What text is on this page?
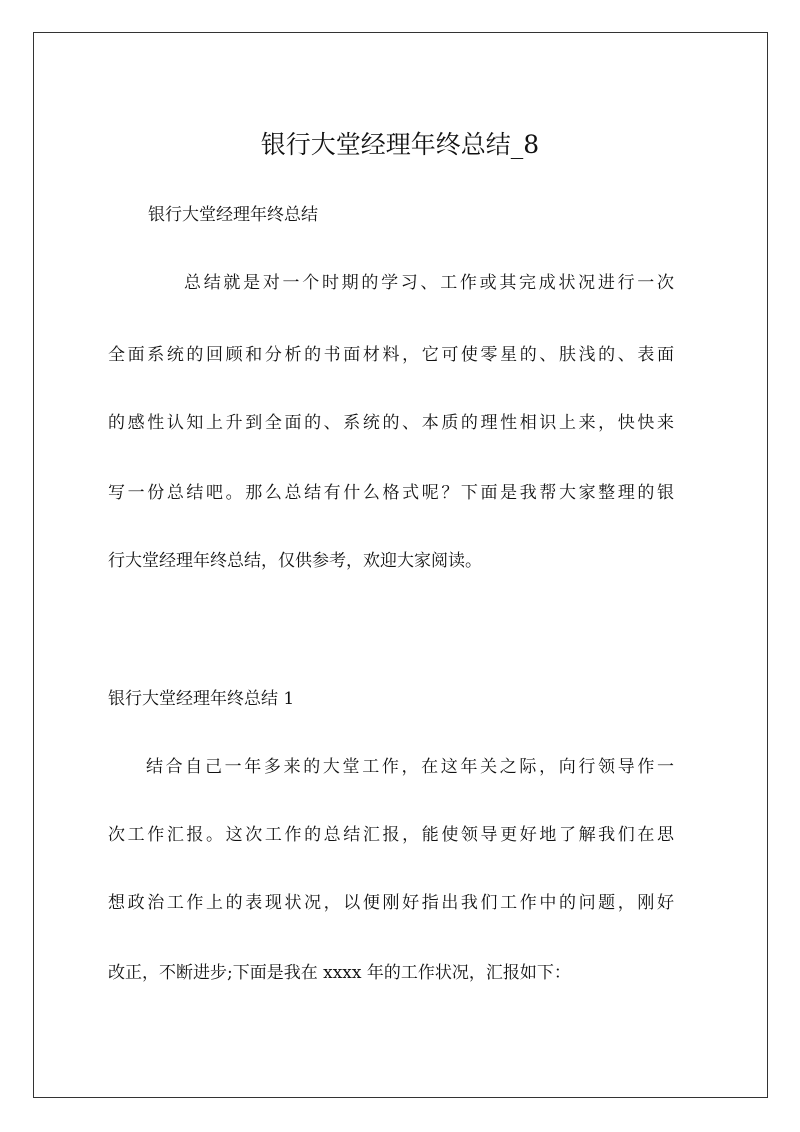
银行大堂经理年终总结_8
银行大堂经理年终总结
总结就是对一个时期的学习、工作或其完成状况进行一次
全面系统的回顾和分析的书面材料，它可使零星的、肤浅的、表面
的感性认知上升到全面的、系统的、本质的理性相识上来，快快来
写一份总结吧。那么总结有什么格式呢？下面是我帮大家整理的银
行大堂经理年终总结，仅供参考，欢迎大家阅读。
银行大堂经理年终总结 1
结合自己一年多来的大堂工作，在这年关之际，向行领导作一
次工作汇报。这次工作的总结汇报，能使领导更好地了解我们在思
想政治工作上的表现状况，以便刚好指出我们工作中的问题，刚好
改正，不断进步;下面是我在 xxxx 年的工作状况，汇报如下：
